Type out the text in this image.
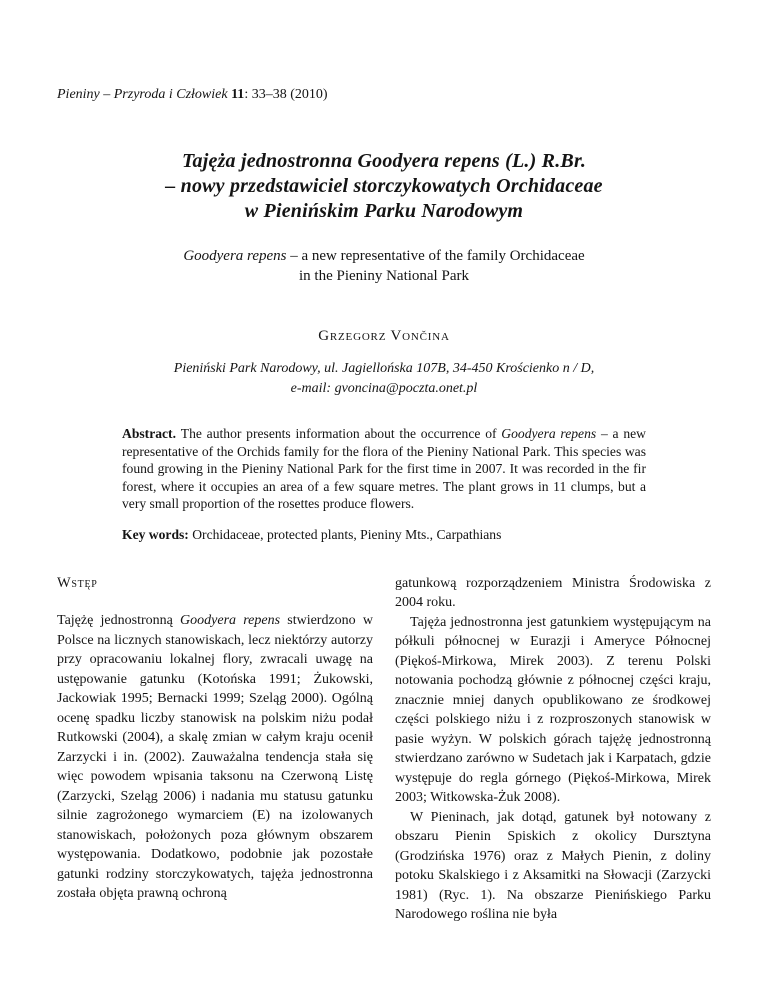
Pieniny – Przyroda i Człowiek 11: 33–38 (2010)
Tajęża jednostronna Goodyera repens (L.) R.Br.
– nowy przedstawiciel storczykowatych Orchidaceae
w Pienińskim Parku Narodowym
Goodyera repens – a new representative of the family Orchidaceae
in the Pieniny National Park
Grzegorz Vončina
Pieniński Park Narodowy, ul. Jagiellońska 107B, 34-450 Krościenko n / D,
e-mail: gvoncina@poczta.onet.pl
Abstract. The author presents information about the occurrence of Goodyera repens – a new representative of the Orchids family for the flora of the Pieniny National Park. This species was found growing in the Pieniny National Park for the first time in 2007. It was recorded in the fir forest, where it occupies an area of a few square metres. The plant grows in 11 clumps, but a very small proportion of the rosettes produce flowers.
Key words: Orchidaceae, protected plants, Pieniny Mts., Carpathians
Wstęp

Tajężę jednostronną Goodyera repens stwierdzono w Polsce na licznych stanowiskach, lecz niektórzy autorzy przy opracowaniu lokalnej flory, zwracali uwagę na ustępowanie gatunku (Kotońska 1991; Żukowski, Jackowiak 1995; Bernacki 1999; Szeląg 2000). Ogólną ocenę spadku liczby stanowisk na polskim niżu podał Rutkowski (2004), a skalę zmian w całym kraju ocenił Zarzycki i in. (2002). Zauważalna tendencja stała się więc powodem wpisania taksonu na Czerwoną Listę (Zarzycki, Szeląg 2006) i nadania mu statusu gatunku silnie zagrożonego wymarciem (E) na izolowanych stanowiskach, położonych poza głównym obszarem występowania. Dodatkowo, podobnie jak pozostałe gatunki rodziny storczykowatych, tajęża jednostronna została objęta prawną ochroną

gatunkową rozporządzeniem Ministra Środowiska z 2004 roku.

Tajęża jednostronna jest gatunkiem występującym na półkuli północnej w Eurazji i Ameryce Północnej (Piękoś-Mirkowa, Mirek 2003). Z terenu Polski notowania pochodzą głównie z północnej części kraju, znacznie mniej danych opublikowano ze środkowej części polskiego niżu i z rozproszonych stanowisk w pasie wyżyn. W polskich górach tajężę jednostronną stwierdzano zarówno w Sudetach jak i Karpatach, gdzie występuje do regla górnego (Piękoś-Mirkowa, Mirek 2003; Witkowska-Żuk 2008).

W Pieninach, jak dotąd, gatunek był notowany z obszaru Pienin Spiskich z okolicy Dursztyna (Grodzińska 1976) oraz z Małych Pienin, z doliny potoku Skalskiego i z Aksamitki na Słowacji (Zarzycki 1981) (Ryc. 1). Na obszarze Pienińskiego Parku Narodowego roślina nie była
